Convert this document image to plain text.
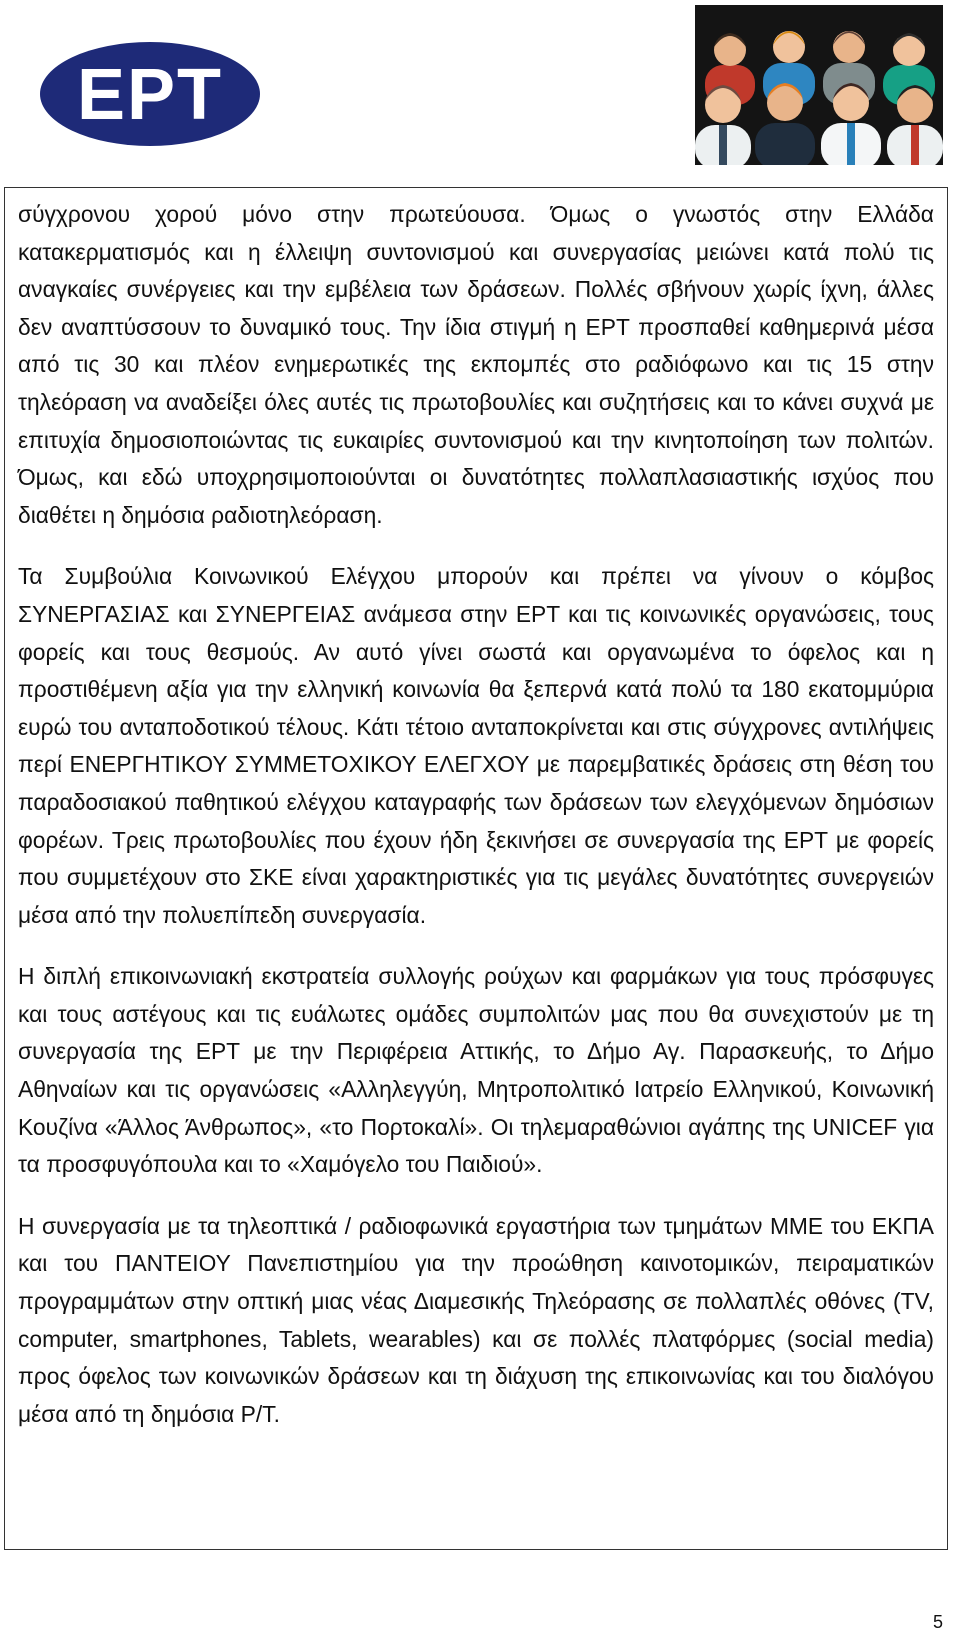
ΕΡΤ

σύγχρονου χορού μόνο στην πρωτεύουσα. Όμως ο γνωστός στην Ελλάδα κατακερματισμός και η έλλειψη συντονισμού και συνεργασίας μειώνει κατά πολύ τις αναγκαίες συνέργειες και την εμβέλεια των δράσεων. Πολλές σβήνουν χωρίς ίχνη, άλλες δεν αναπτύσσουν το δυναμικό τους. Την ίδια στιγμή η ΕΡΤ προσπαθεί καθημερινά μέσα από τις 30 και πλέον ενημερωτικές της εκπομπές στο ραδιόφωνο και τις 15 στην τηλεόραση να αναδείξει όλες αυτές τις πρωτοβουλίες και συζητήσεις και το κάνει συχνά με επιτυχία δημοσιοποιώντας τις ευκαιρίες συντονισμού και την κινητοποίηση των πολιτών. Όμως, και εδώ υποχρησιμοποιούνται οι δυνατότητες πολλαπλασιαστικής ισχύος που διαθέτει η δημόσια ραδιοτηλεόραση.

Τα Συμβούλια Κοινωνικού Ελέγχου μπορούν και πρέπει να γίνουν ο κόμβος ΣΥΝΕΡΓΑΣΙΑΣ και ΣΥΝΕΡΓΕΙΑΣ ανάμεσα στην ΕΡΤ και τις κοινωνικές οργανώσεις, τους φορείς και τους θεσμούς. Αν αυτό γίνει σωστά και οργανωμένα το όφελος και η προστιθέμενη αξία για την ελληνική κοινωνία θα ξεπερνά κατά πολύ τα 180 εκατομμύρια ευρώ του ανταποδοτικού τέλους. Κάτι τέτοιο ανταποκρίνεται και στις σύγχρονες αντιλήψεις περί ΕΝΕΡΓΗΤΙΚΟΥ ΣΥΜΜΕΤΟΧΙΚΟΥ ΕΛΕΓΧΟΥ με παρεμβατικές δράσεις στη θέση του παραδοσιακού παθητικού ελέγχου καταγραφής των δράσεων των ελεγχόμενων δημόσιων φορέων. Τρεις πρωτοβουλίες που έχουν ήδη ξεκινήσει σε συνεργασία της ΕΡΤ με φορείς που συμμετέχουν στο ΣΚΕ είναι χαρακτηριστικές για τις μεγάλες δυνατότητες συνεργειών μέσα από την πολυεπίπεδη συνεργασία.

Η διπλή επικοινωνιακή εκστρατεία συλλογής ρούχων και φαρμάκων για τους πρόσφυγες και τους αστέγους και τις ευάλωτες ομάδες συμπολιτών μας που θα συνεχιστούν με τη συνεργασία της ΕΡΤ με την Περιφέρεια Αττικής, το Δήμο Αγ. Παρασκευής, το Δήμο Αθηναίων και τις οργανώσεις «Αλληλεγγύη, Μητροπολιτικό Ιατρείο Ελληνικού, Κοινωνική Κουζίνα «Άλλος Άνθρωπος», «το Πορτοκαλί». Οι τηλεμαραθώνιοι αγάπης της UNICEF για τα προσφυγόπουλα και το «Χαμόγελο του Παιδιού».

Η συνεργασία με τα τηλεοπτικά / ραδιοφωνικά εργαστήρια των τμημάτων ΜΜΕ του ΕΚΠΑ και του ΠΑΝΤΕΙΟΥ Πανεπιστημίου για την προώθηση καινοτομικών, πειραματικών προγραμμάτων στην οπτική μιας νέας Διαμεσικής Τηλεόρασης σε πολλαπλές οθόνες (TV, computer, smartphones, Tablets, wearables) και σε πολλές πλατφόρμες (social media) προς όφελος των κοινωνικών δράσεων και τη διάχυση της επικοινωνίας και του διαλόγου μέσα από τη δημόσια Ρ/Τ.

5
